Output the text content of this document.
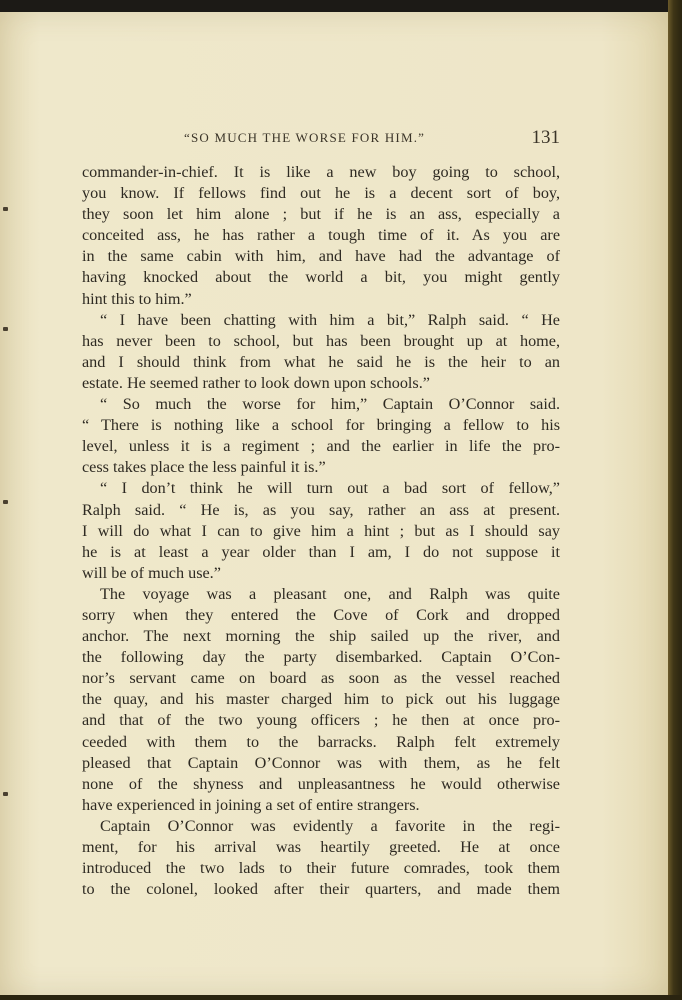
“SO MUCH THE WORSE FOR HIM.”	131
commander-in-chief. It is like a new boy going to school,
you know. If fellows find out he is a decent sort of boy,
they soon let him alone ; but if he is an ass, especially a
conceited ass, he has rather a tough time of it. As you are
in the same cabin with him, and have had the advantage of
having knocked about the world a bit, you might gently
hint this to him.”
“ I have been chatting with him a bit,” Ralph said. “ He
has never been to school, but has been brought up at home,
and I should think from what he said he is the heir to an
estate. He seemed rather to look down upon schools.”
“ So much the worse for him,” Captain O’Connor said.
“ There is nothing like a school for bringing a fellow to his
level, unless it is a regiment ; and the earlier in life the pro-
cess takes place the less painful it is.”
“ I don’t think he will turn out a bad sort of fellow,”
Ralph said. “ He is, as you say, rather an ass at present.
I will do what I can to give him a hint ; but as I should say
he is at least a year older than I am, I do not suppose it
will be of much use.”
The voyage was a pleasant one, and Ralph was quite
sorry when they entered the Cove of Cork and dropped
anchor. The next morning the ship sailed up the river, and
the following day the party disembarked. Captain O’Con-
nor’s servant came on board as soon as the vessel reached
the quay, and his master charged him to pick out his luggage
and that of the two young officers ; he then at once pro-
ceeded with them to the barracks. Ralph felt extremely
pleased that Captain O’Connor was with them, as he felt
none of the shyness and unpleasantness he would otherwise
have experienced in joining a set of entire strangers.
Captain O’Connor was evidently a favorite in the regi-
ment, for his arrival was heartily greeted. He at once
introduced the two lads to their future comrades, took them
to the colonel, looked after their quarters, and made them
